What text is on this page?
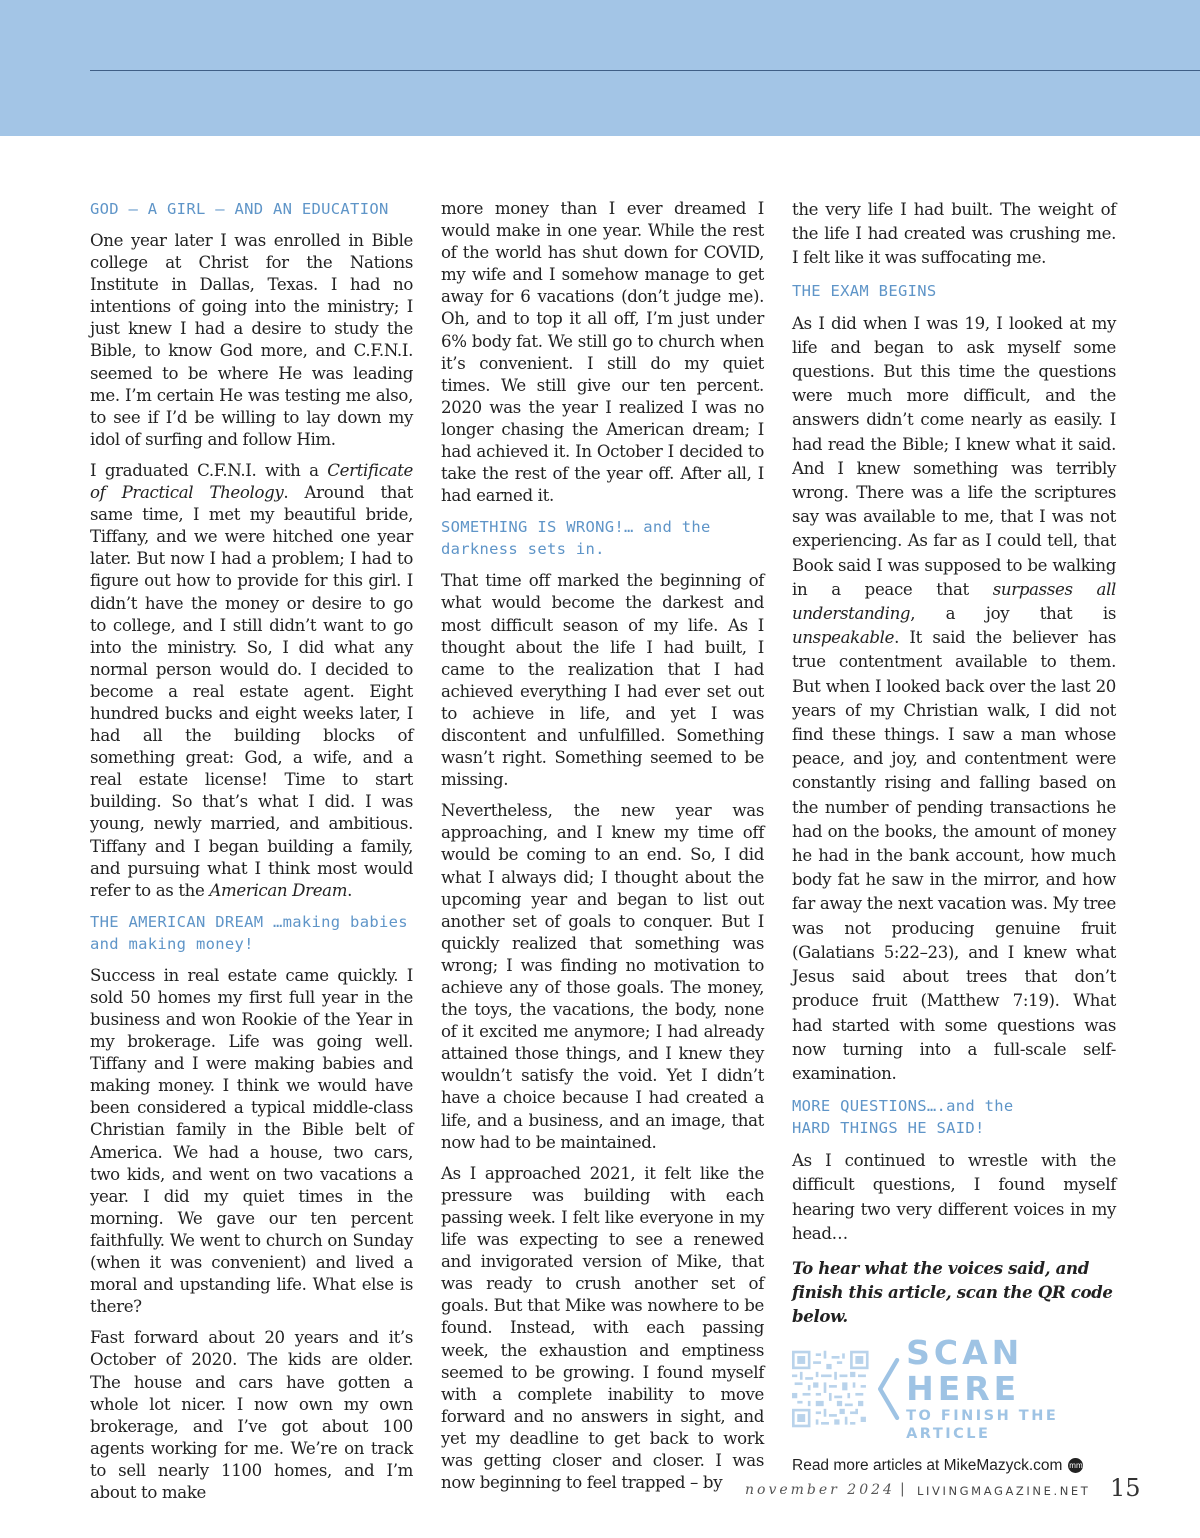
GOD – A GIRL – AND AN EDUCATION

One year later I was enrolled in Bible college at Christ for the Nations Institute in Dallas, Texas. I had no intentions of going into the ministry; I just knew I had a desire to study the Bible, to know God more, and C.F.N.I. seemed to be where He was leading me. I’m certain He was testing me also, to see if I’d be willing to lay down my idol of surfing and follow Him.

I graduated C.F.N.I. with a Certificate of Practical Theology. Around that same time, I met my beautiful bride, Tiffany, and we were hitched one year later. But now I had a problem; I had to figure out how to provide for this girl. I didn’t have the money or desire to go to college, and I still didn’t want to go into the ministry. So, I did what any normal person would do. I decided to become a real estate agent. Eight hundred bucks and eight weeks later, I had all the building blocks of something great: God, a wife, and a real estate license! Time to start building. So that’s what I did. I was young, newly married, and ambitious. Tiffany and I began building a family, and pursuing what I think most would refer to as the American Dream.

THE AMERICAN DREAM …making babies and making money!

Success in real estate came quickly. I sold 50 homes my first full year in the business and won Rookie of the Year in my brokerage. Life was going well. Tiffany and I were making babies and making money. I think we would have been considered a typical middle-class Christian family in the Bible belt of America. We had a house, two cars, two kids, and went on two vacations a year. I did my quiet times in the morning. We gave our ten percent faithfully. We went to church on Sunday (when it was convenient) and lived a moral and upstanding life. What else is there?

Fast forward about 20 years and it’s October of 2020. The kids are older. The house and cars have gotten a whole lot nicer. I now own my own brokerage, and I’ve got about 100 agents working for me. We’re on track to sell nearly 1100 homes, and I’m about to make

more money than I ever dreamed I would make in one year. While the rest of the world has shut down for COVID, my wife and I somehow manage to get away for 6 vacations (don’t judge me). Oh, and to top it all off, I’m just under 6% body fat. We still go to church when it’s convenient. I still do my quiet times. We still give our ten percent. 2020 was the year I realized I was no longer chasing the American dream; I had achieved it. In October I decided to take the rest of the year off. After all, I had earned it.

SOMETHING IS WRONG!… and the darkness sets in.

That time off marked the beginning of what would become the darkest and most difficult season of my life. As I thought about the life I had built, I came to the realization that I had achieved everything I had ever set out to achieve in life, and yet I was discontent and unfulfilled. Something wasn’t right. Something seemed to be missing.

Nevertheless, the new year was approaching, and I knew my time off would be coming to an end. So, I did what I always did; I thought about the upcoming year and began to list out another set of goals to conquer. But I quickly realized that something was wrong; I was finding no motivation to achieve any of those goals. The money, the toys, the vacations, the body, none of it excited me anymore; I had already attained those things, and I knew they wouldn’t satisfy the void. Yet I didn’t have a choice because I had created a life, and a business, and an image, that now had to be maintained.

As I approached 2021, it felt like the pressure was building with each passing week. I felt like everyone in my life was expecting to see a renewed and invigorated version of Mike, that was ready to crush another set of goals. But that Mike was nowhere to be found. Instead, with each passing week, the exhaustion and emptiness seemed to be growing. I found myself with a complete inability to move forward and no answers in sight, and yet my deadline to get back to work was getting closer and closer. I was now beginning to feel trapped – by

the very life I had built. The weight of the life I had created was crushing me. I felt like it was suffocating me.

THE EXAM BEGINS

As I did when I was 19, I looked at my life and began to ask myself some questions. But this time the questions were much more difficult, and the answers didn’t come nearly as easily. I had read the Bible; I knew what it said. And I knew something was terribly wrong. There was a life the scriptures say was available to me, that I was not experiencing. As far as I could tell, that Book said I was supposed to be walking in a peace that surpasses all understanding, a joy that is unspeakable. It said the believer has true contentment available to them. But when I looked back over the last 20 years of my Christian walk, I did not find these things. I saw a man whose peace, and joy, and contentment were constantly rising and falling based on the number of pending transactions he had on the books, the amount of money he had in the bank account, how much body fat he saw in the mirror, and how far away the next vacation was. My tree was not producing genuine fruit (Galatians 5:22–23), and I knew what Jesus said about trees that don’t produce fruit (Matthew 7:19). What had started with some questions was now turning into a full-scale self-examination.

MORE QUESTIONS….and the
HARD THINGS HE SAID!

As I continued to wrestle with the difficult questions, I found myself hearing two very different voices in my head…

To hear what the voices said, and finish this article, scan the QR code below.

SCAN HERE
TO FINISH THE ARTICLE
Read more articles at MikeMazyck.com mm
november 2024 | LIVINGMAGAZINE.NET 15
